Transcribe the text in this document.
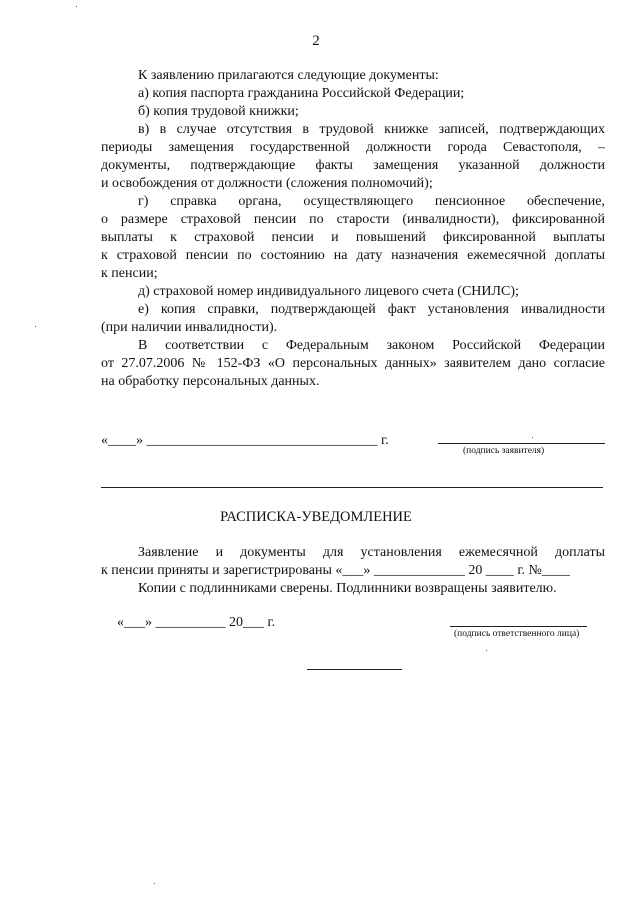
2
К заявлению прилагаются следующие документы:
а) копия паспорта гражданина Российской Федерации;
б) копия трудовой книжки;
в) в случае отсутствия в трудовой книжке записей, подтверждающих
периоды замещения государственной должности города Севастополя, –
документы, подтверждающие факты замещения указанной должности
и освобождения от должности (сложения полномочий);
г) справка органа, осуществляющего пенсионное обеспечение,
о размере страховой пенсии по старости (инвалидности), фиксированной
выплаты к страховой пенсии и повышений фиксированной выплаты
к страховой пенсии по состоянию на дату назначения ежемесячной доплаты
к пенсии;
д) страховой номер индивидуального лицевого счета (СНИЛС);
е) копия справки, подтверждающей факт установления инвалидности
(при наличии инвалидности).
В соответствии с Федеральным законом Российской Федерации
от 27.07.2006 № 152-ФЗ «О персональных данных» заявителем дано согласие
на обработку персональных данных.
«____» _________________________________ г.
(подпись заявителя)
РАСПИСКА-УВЕДОМЛЕНИЕ
Заявление и документы для установления ежемесячной доплаты
к пенсии приняты и зарегистрированы «___» _____________ 20 ____ г. №____
Копии с подлинниками сверены. Подлинники возвращены заявителю.
«___» __________ 20___ г.
(подпись ответственного лица)
